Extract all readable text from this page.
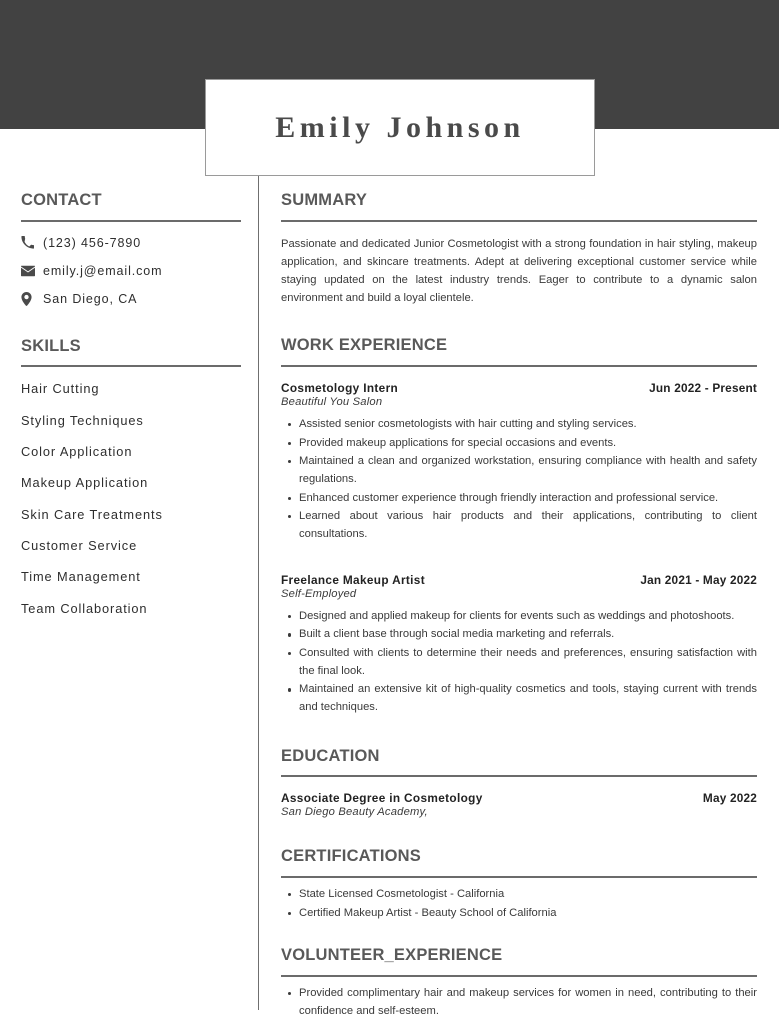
Emily Johnson
CONTACT
(123) 456-7890
emily.j@email.com
San Diego, CA
SKILLS
Hair Cutting
Styling Techniques
Color Application
Makeup Application
Skin Care Treatments
Customer Service
Time Management
Team Collaboration
SUMMARY
Passionate and dedicated Junior Cosmetologist with a strong foundation in hair styling, makeup application, and skincare treatments. Adept at delivering exceptional customer service while staying updated on the latest industry trends. Eager to contribute to a dynamic salon environment and build a loyal clientele.
WORK EXPERIENCE
Cosmetology Intern	Jun 2022 - Present
Beautiful You Salon
Assisted senior cosmetologists with hair cutting and styling services.
Provided makeup applications for special occasions and events.
Maintained a clean and organized workstation, ensuring compliance with health and safety regulations.
Enhanced customer experience through friendly interaction and professional service.
Learned about various hair products and their applications, contributing to client consultations.
Freelance Makeup Artist	Jan 2021 - May 2022
Self-Employed
Designed and applied makeup for clients for events such as weddings and photoshoots.
Built a client base through social media marketing and referrals.
Consulted with clients to determine their needs and preferences, ensuring satisfaction with the final look.
Maintained an extensive kit of high-quality cosmetics and tools, staying current with trends and techniques.
EDUCATION
Associate Degree in Cosmetology	May 2022
San Diego Beauty Academy,
CERTIFICATIONS
State Licensed Cosmetologist - California
Certified Makeup Artist - Beauty School of California
VOLUNTEER_EXPERIENCE
Provided complimentary hair and makeup services for women in need, contributing to their confidence and self-esteem.
